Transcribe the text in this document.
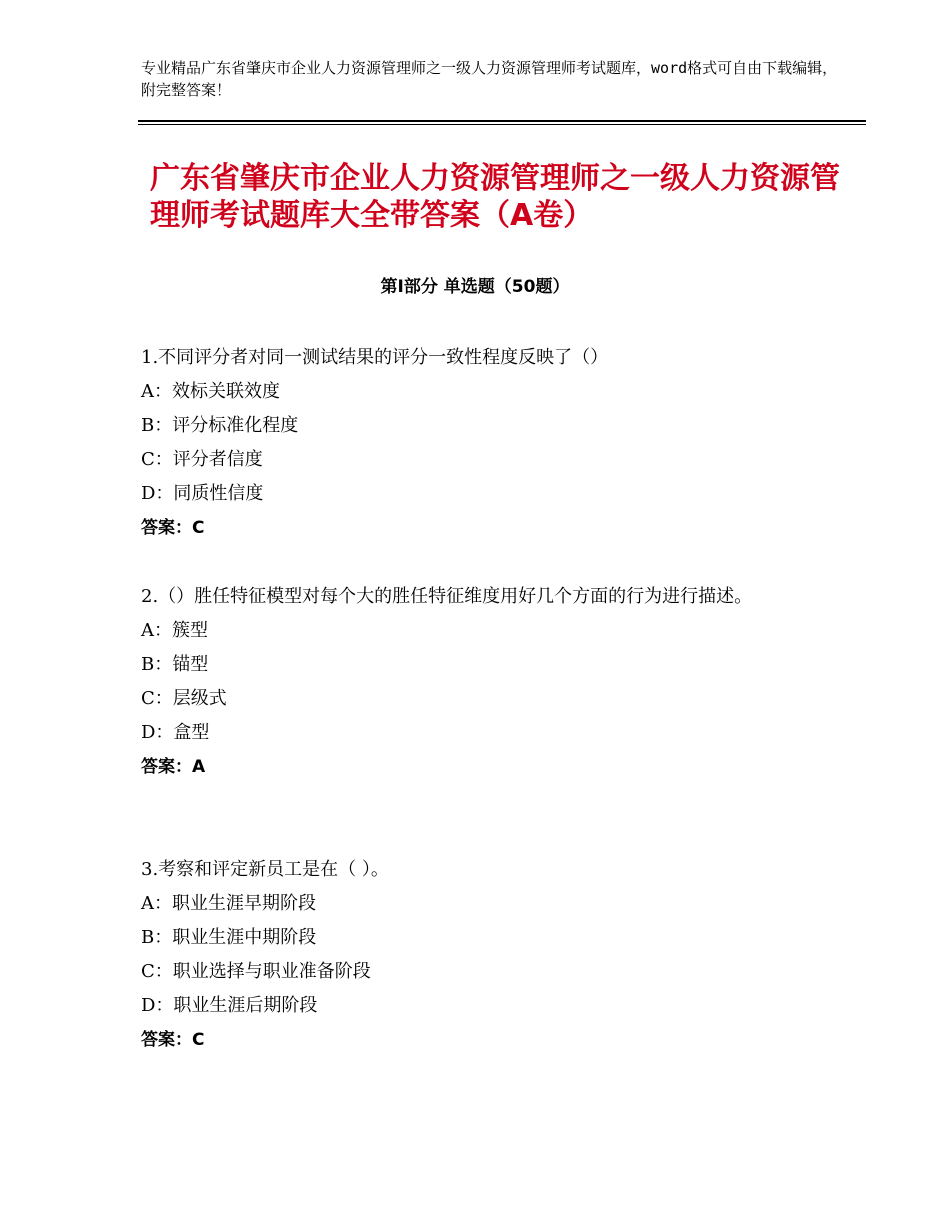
专业精品广东省肇庆市企业人力资源管理师之一级人力资源管理师考试题库，word格式可自由下载编辑，附完整答案！
广东省肇庆市企业人力资源管理师之一级人力资源管理师考试题库大全带答案（A卷）
第Ⅰ部分 单选题（50题）

1.不同评分者对同一测试结果的评分一致性程度反映了（）

A：效标关联效度

B：评分标准化程度

C：评分者信度

D：同质性信度

答案：C

2.（）胜任特征模型对每个大的胜任特征维度用好几个方面的行为进行描述。

A：簇型

B：锚型

C：层级式

D：盒型

答案：A

3.考察和评定新员工是在（ ）。

A：职业生涯早期阶段

B：职业生涯中期阶段

C：职业选择与职业准备阶段

D：职业生涯后期阶段

答案：C
